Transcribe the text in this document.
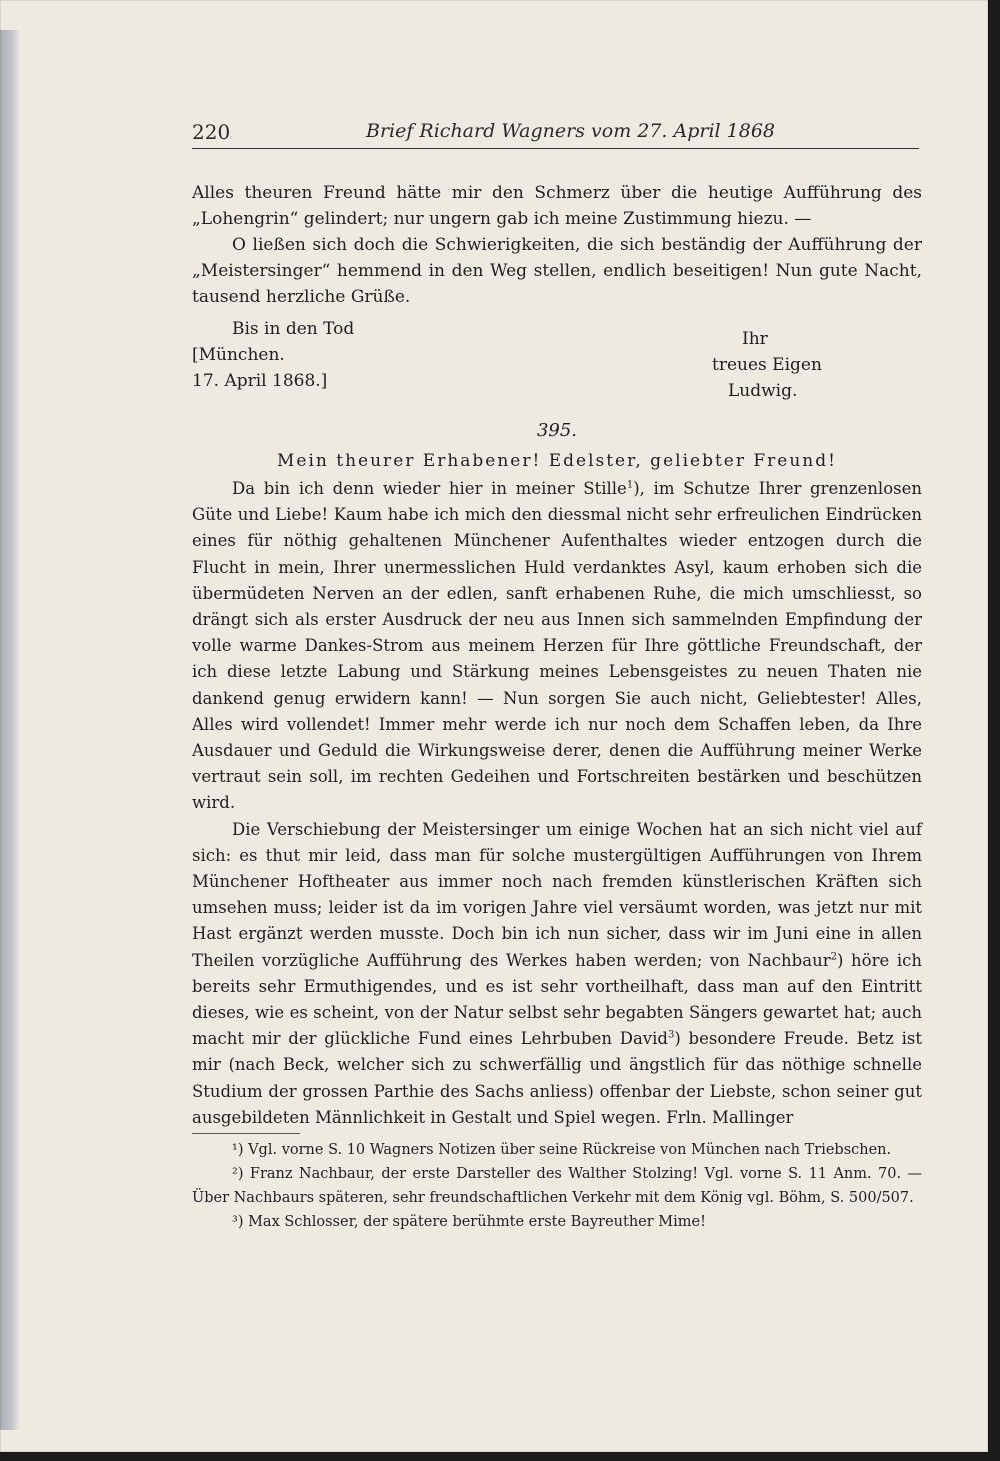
220	Brief Richard Wagners vom 27. April 1868

Alles theuren Freund hätte mir den Schmerz über die heutige Aufführung des „Lohengrin“ gelindert; nur ungern gab ich meine Zustimmung hiezu. —

O ließen sich doch die Schwierigkeiten, die sich beständig der Aufführung der „Meistersinger“ hemmend in den Weg stellen, endlich beseitigen! Nun gute Nacht, tausend herzliche Grüße.

Bis in den Tod
[München.
17. April 1868.]
Ihr
treues Eigen
Ludwig.
395.
Mein theurer Erhabener! Edelster, geliebter Freund!

Da bin ich denn wieder hier in meiner Stille$^1$), im Schutze Ihrer grenzenlosen Güte und Liebe! Kaum habe ich mich den diessmal nicht sehr erfreulichen Eindrücken eines für nöthig gehaltenen Münchener Aufenthaltes wieder entzogen durch die Flucht in mein, Ihrer unermesslichen Huld verdanktes Asyl, kaum erhoben sich die übermüdeten Nerven an der edlen, sanft erhabenen Ruhe, die mich umschliesst, so drängt sich als erster Ausdruck der neu aus Innen sich sammelnden Empfindung der volle warme Dankes-Strom aus meinem Herzen für Ihre göttliche Freundschaft, der ich diese letzte Labung und Stärkung meines Lebensgeistes zu neuen Thaten nie dankend genug erwidern kann! — Nun sorgen Sie auch nicht, Geliebtester! Alles, Alles wird vollendet! Immer mehr werde ich nur noch dem Schaffen leben, da Ihre Ausdauer und Geduld die Wirkungsweise derer, denen die Aufführung meiner Werke vertraut sein soll, im rechten Gedeihen und Fortschreiten bestärken und beschützen wird.

Die Verschiebung der Meistersinger um einige Wochen hat an sich nicht viel auf sich: es thut mir leid, dass man für solche mustergültigen Aufführungen von Ihrem Münchener Hoftheater aus immer noch nach fremden künstlerischen Kräften sich umsehen muss; leider ist da im vorigen Jahre viel versäumt worden, was jetzt nur mit Hast ergänzt werden musste. Doch bin ich nun sicher, dass wir im Juni eine in allen Theilen vorzügliche Aufführung des Werkes haben werden; von Nachbaur$^2$) höre ich bereits sehr Ermuthigendes, und es ist sehr vortheilhaft, dass man auf den Eintritt dieses, wie es scheint, von der Natur selbst sehr begabten Sängers gewartet hat; auch macht mir der glückliche Fund eines Lehrbuben David$^3$) besondere Freude. Betz ist mir (nach Beck, welcher sich zu schwerfällig und ängstlich für das nöthige schnelle Studium der grossen Parthie des Sachs anliess) offenbar der Liebste, schon seiner gut ausgebildeten Männlichkeit in Gestalt und Spiel wegen. Frln. Mallinger

¹) Vgl. vorne S. 10 Wagners Notizen über seine Rückreise von München nach Triebschen.

²) Franz Nachbaur, der erste Darsteller des Walther Stolzing! Vgl. vorne S. 11 Anm. 70. — Über Nachbaurs späteren, sehr freundschaftlichen Verkehr mit dem König vgl. Böhm, S. 500/507.

³) Max Schlosser, der spätere berühmte erste Bayreuther Mime!
